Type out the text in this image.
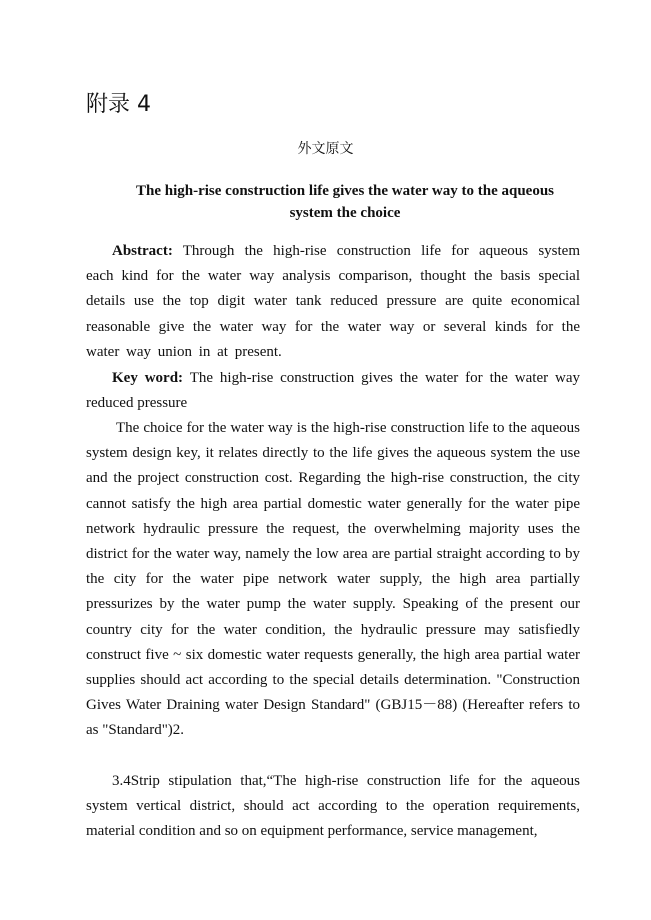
附录 4
外文原文
The high-rise construction life gives the water way to the aqueous system the choice

Abstract: Through the high-rise construction life for aqueous system each kind for the water way analysis comparison, thought the basis special details use the top digit water tank reduced pressure are quite economical reasonable give the water way for the water way or several kinds for the water way union in at present.

Key word: The high-rise construction gives the water for the water way reduced pressure

The choice for the water way is the high-rise construction life to the aqueous system design key, it relates directly to the life gives the aqueous system the use and the project construction cost. Regarding the high-rise construction, the city cannot satisfy the high area partial domestic water generally for the water pipe network hydraulic pressure the request, the overwhelming majority uses the district for the water way, namely the low area are partial straight according to by the city for the water pipe network water supply, the high area partially pressurizes by the water pump the water supply. Speaking of the present our country city for the water condition, the hydraulic pressure may satisfiedly construct five ~ six domestic water requests generally, the high area partial water supplies should act according to the special details determination. "Construction Gives Water Draining water Design Standard" (GBJ15－88) (Hereafter refers to as "Standard")2.

3.4Strip stipulation that,“The high-rise construction life for the aqueous system vertical district, should act according to the operation requirements, material condition and so on equipment performance, service management,
